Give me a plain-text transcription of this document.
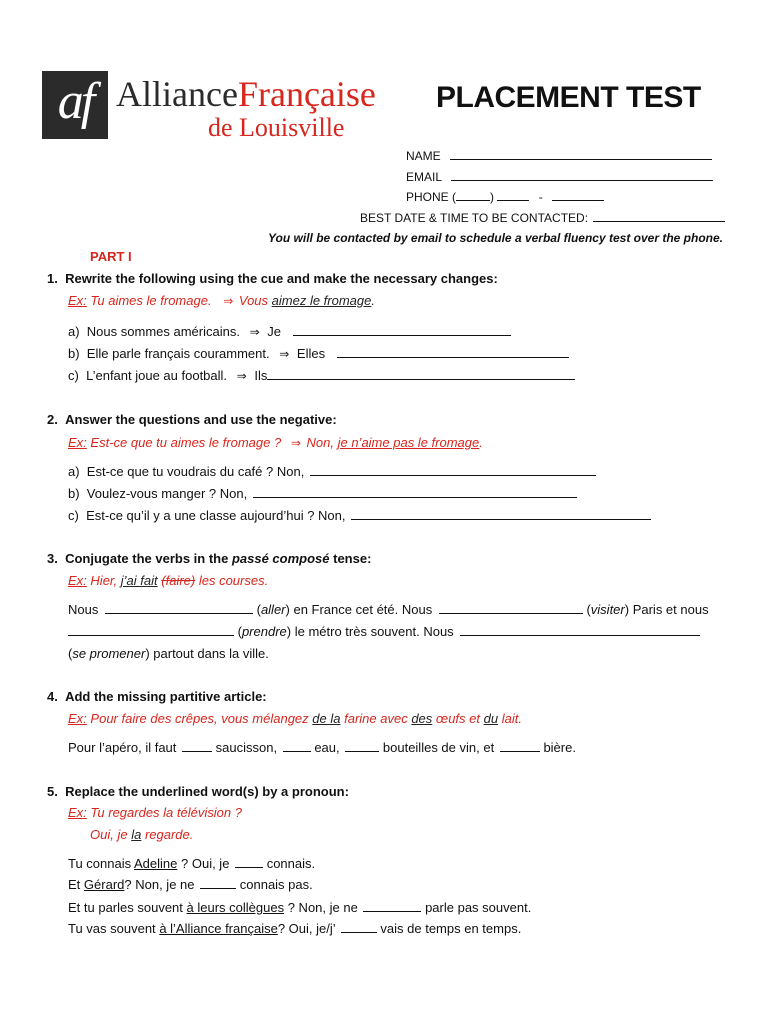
af AllianceFrançaise
de Louisville
PLACEMENT TEST
NAME
EMAIL
PHONE (	)	-
BEST DATE & TIME TO BE CONTACTED:
You will be contacted by email to schedule a verbal fluency test over the phone.
PART I
1. Rewrite the following using the cue and make the necessary changes:
Ex: Tu aimes le fromage. ⇒ Vous aimez le fromage.
a) Nous sommes américains. ⇒ Je
b) Elle parle français couramment. ⇒ Elles
c) L’enfant joue au football. ⇒ Ils
2. Answer the questions and use the negative:
Ex: Est-ce que tu aimes le fromage ? ⇒ Non, je n’aime pas le fromage.
a) Est-ce que tu voudrais du café ? Non,
b) Voulez-vous manger ? Non,
c) Est-ce qu’il y a une classe aujourd’hui ? Non,
3. Conjugate the verbs in the passé composé tense:
Ex: Hier, j’ai fait (faire) les courses.
Nous	(aller) en France cet été. Nous	(visiter) Paris et nous
(prendre) le métro très souvent. Nous
(se promener) partout dans la ville.
4. Add the missing partitive article:
Ex: Pour faire des crêpes, vous mélangez de la farine avec des œufs et du lait.
Pour l’apéro, il faut	saucisson,	eau,	bouteilles de vin, et	bière.
5. Replace the underlined word(s) by a pronoun:
Ex: Tu regardes la télévision ?
Oui, je la regarde.
Tu connais Adeline ? Oui, je	connais.
Et Gérard? Non, je ne	connais pas.
Et tu parles souvent à leurs collègues ? Non, je ne	parle pas souvent.
Tu vas souvent à l’Alliance française? Oui, je/j’	vais de temps en temps.
